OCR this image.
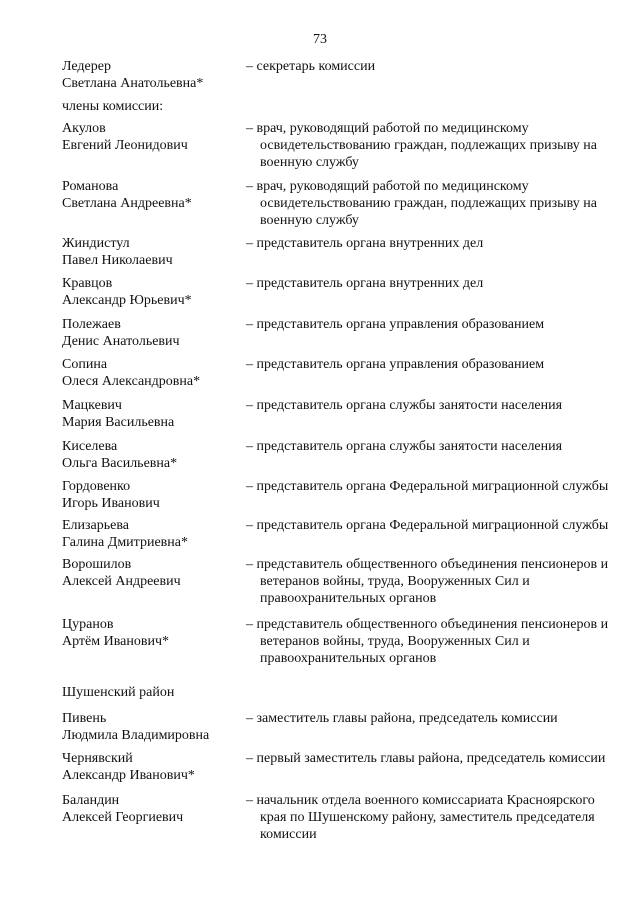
73
Ледерер
Светлана Анатольевна*
– секретарь комиссии
члены комиссии:
Акулов
Евгений Леонидович
– врач, руководящий работой по медицинскому освидетельствованию граждан, подлежащих призыву на военную службу
Романова
Светлана Андреевна*
– врач, руководящий работой по медицинскому освидетельствованию граждан, подлежащих призыву на военную службу
Жиндистул
Павел Николаевич
– представитель органа внутренних дел
Кравцов
Александр Юрьевич*
– представитель органа внутренних дел
Полежаев
Денис Анатольевич
– представитель органа управления образованием
Сопина
Олеся Александровна*
– представитель органа управления образованием
Мацкевич
Мария Васильевна
– представитель органа службы занятости населения
Киселева
Ольга Васильевна*
– представитель органа службы занятости населения
Гордовенко
Игорь Иванович
– представитель органа Федеральной миграционной службы
Елизарьева
Галина Дмитриевна*
– представитель органа Федеральной миграционной службы
Ворошилов
Алексей Андреевич
– представитель общественного объединения пенсионеров и ветеранов войны, труда, Вооруженных Сил и правоохранительных органов
Цуранов
Артём Иванович*
– представитель общественного объединения пенсионеров и ветеранов войны, труда, Вооруженных Сил и правоохранительных органов
Шушенский район
Пивень
Людмила Владимировна
– заместитель главы района, председатель комиссии
Чернявский
Александр Иванович*
– первый заместитель главы района, председатель комиссии
Баландин
Алексей Георгиевич
– начальник отдела военного комиссариата Красноярского края по Шушенскому району, заместитель председателя комиссии
